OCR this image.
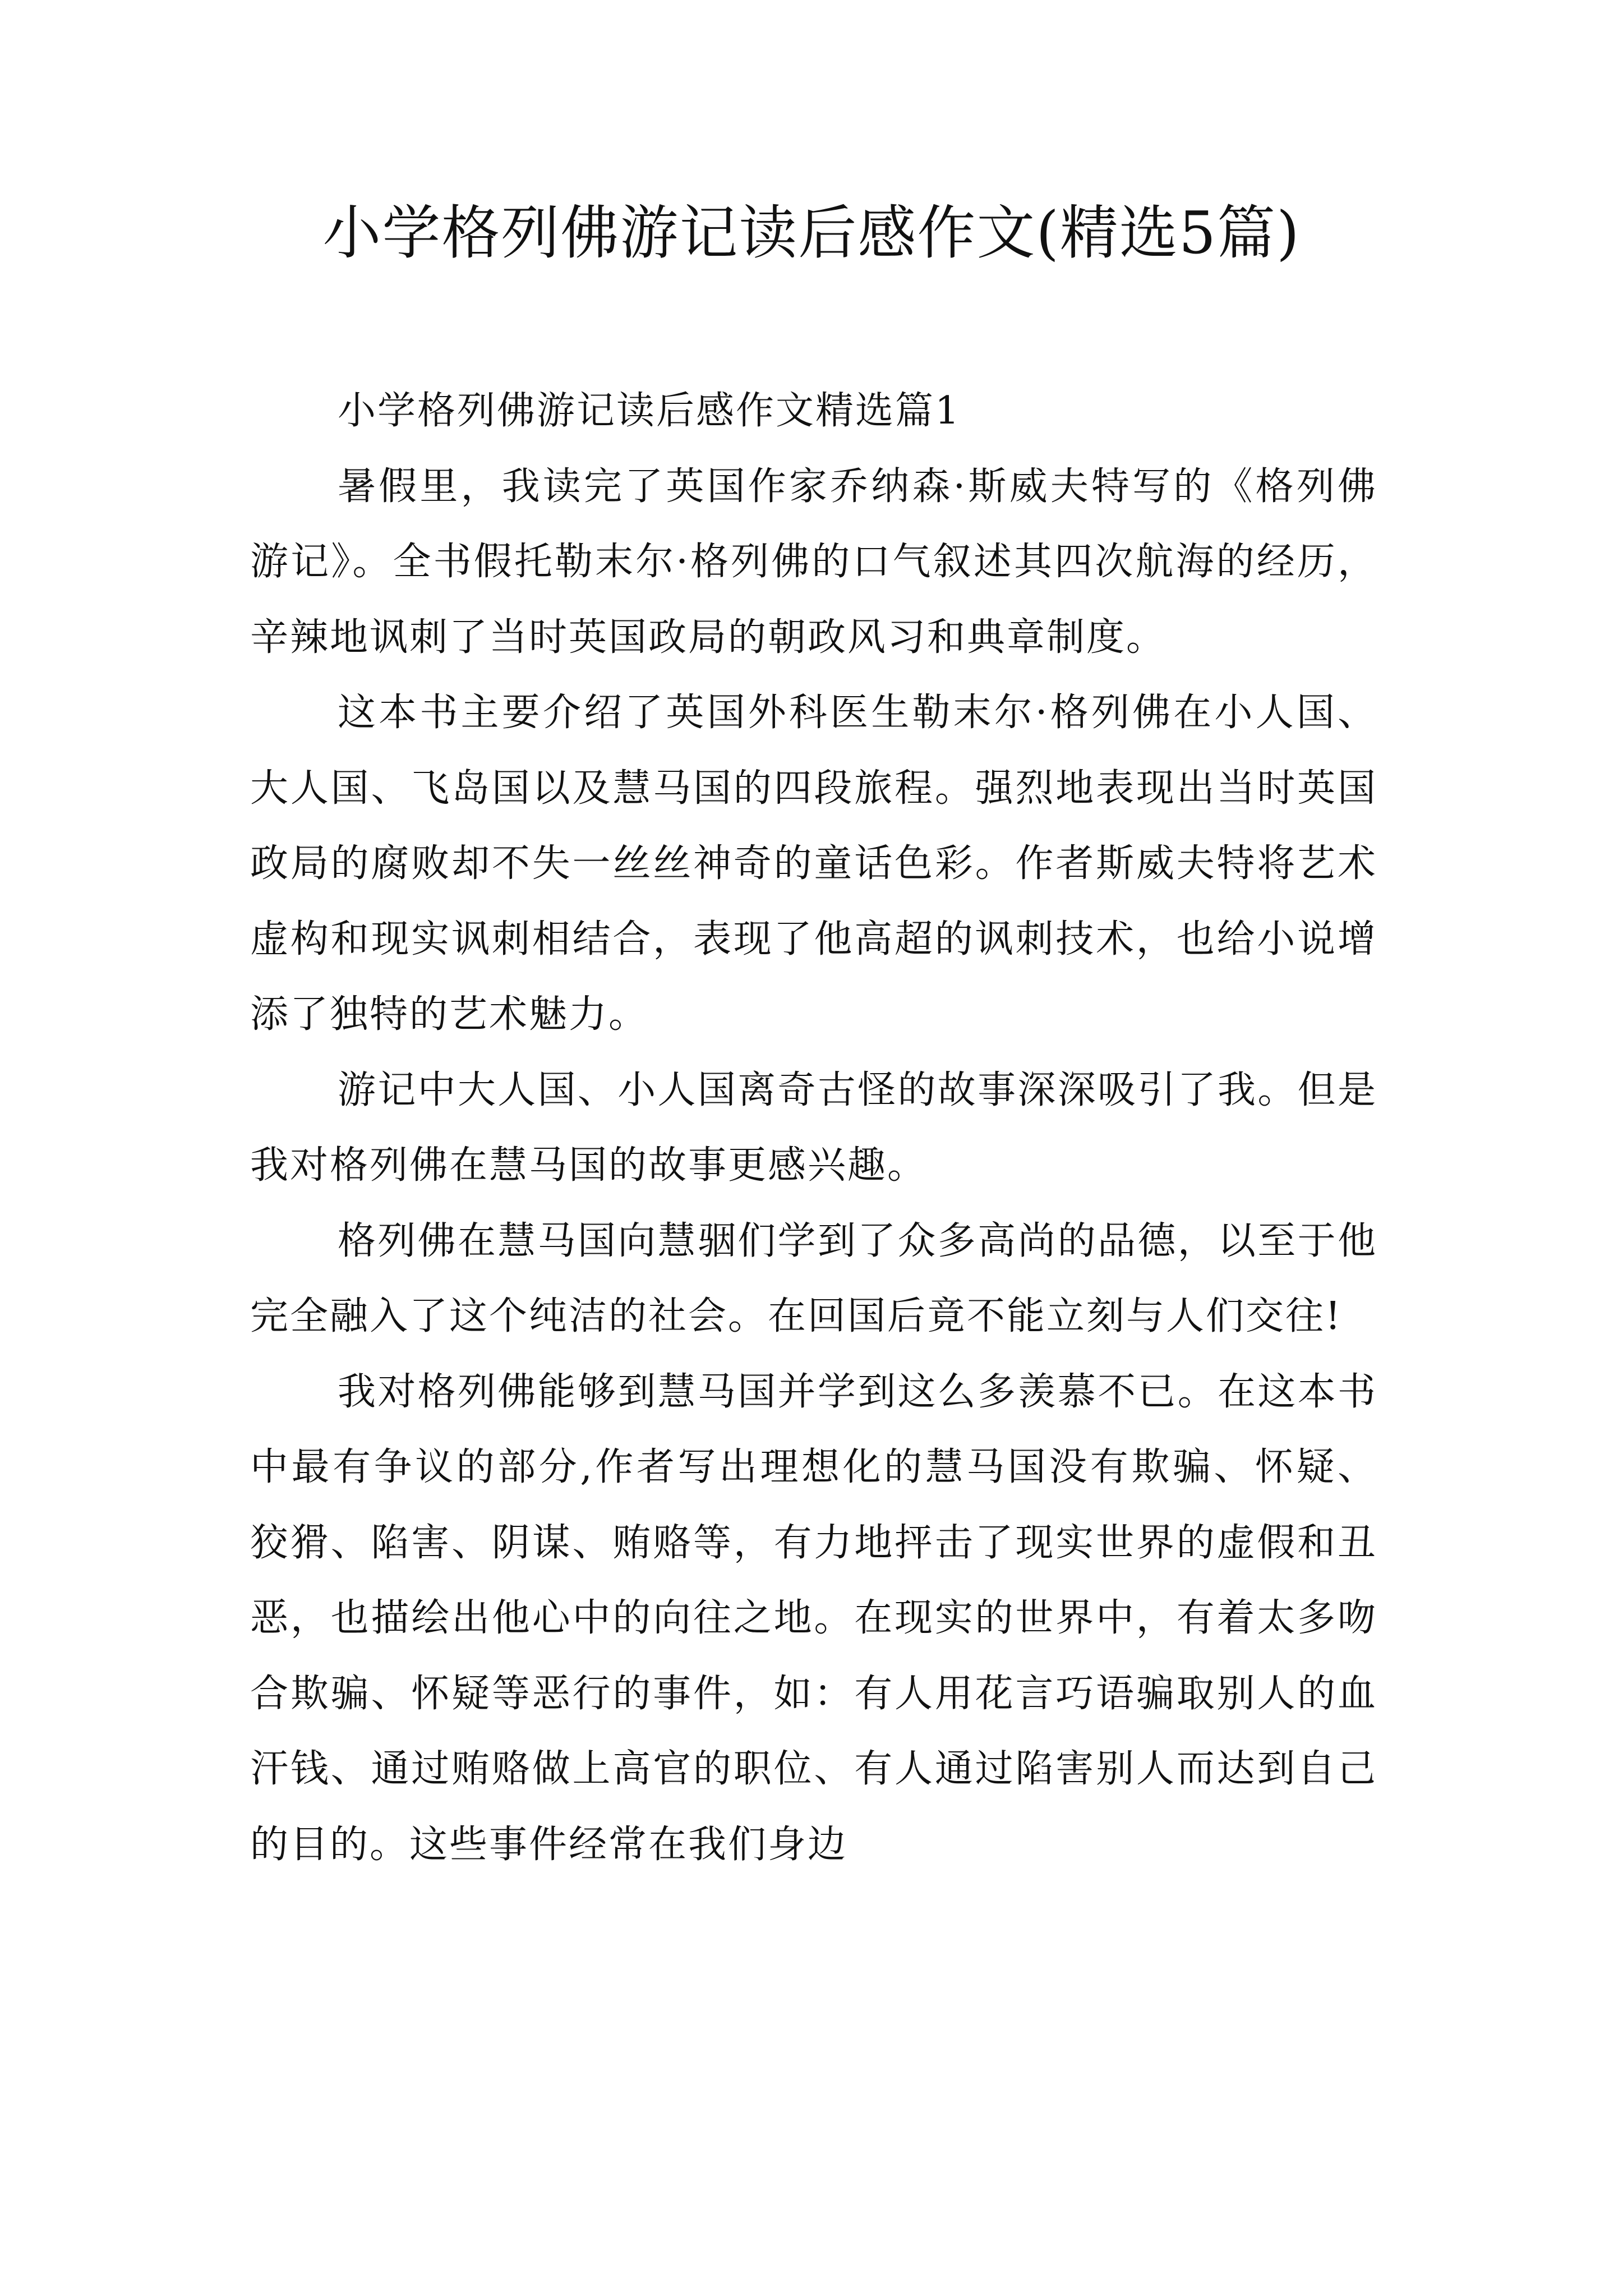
小学格列佛游记读后感作文(精选5篇)

小学格列佛游记读后感作文精选篇1

暑假里，我读完了英国作家乔纳森·斯威夫特写的《格列佛游记》。全书假托勒末尔·格列佛的口气叙述其四次航海的经历，辛辣地讽刺了当时英国政局的朝政风习和典章制度。

这本书主要介绍了英国外科医生勒末尔·格列佛在小人国、大人国、飞岛国以及慧马国的四段旅程。强烈地表现出当时英国政局的腐败却不失一丝丝神奇的童话色彩。作者斯威夫特将艺术虚构和现实讽刺相结合，表现了他高超的讽刺技术，也给小说增添了独特的艺术魅力。

游记中大人国、小人国离奇古怪的故事深深吸引了我。但是我对格列佛在慧马国的故事更感兴趣。

格列佛在慧马国向慧骃们学到了众多高尚的品德，以至于他完全融入了这个纯洁的社会。在回国后竟不能立刻与人们交往!

我对格列佛能够到慧马国并学到这么多羡慕不已。在这本书中最有争议的部分,作者写出理想化的慧马国没有欺骗、怀疑、狡猾、陷害、阴谋、贿赂等，有力地抨击了现实世界的虚假和丑恶，也描绘出他心中的向往之地。在现实的世界中，有着太多吻合欺骗、怀疑等恶行的事件，如：有人用花言巧语骗取别人的血汗钱、通过贿赂做上高官的职位、有人通过陷害别人而达到自己的目的。这些事件经常在我们身边
